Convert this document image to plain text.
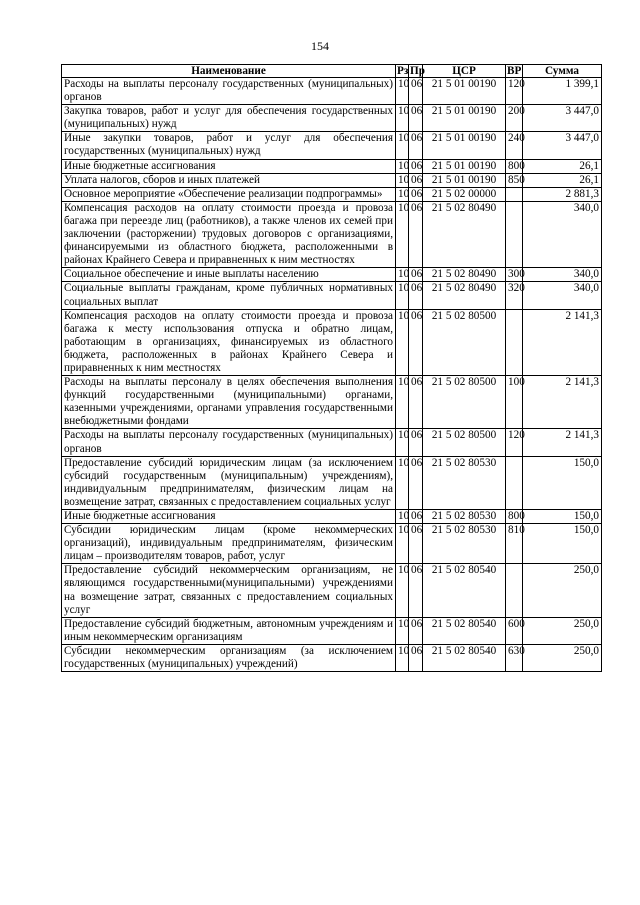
154
Наименование	Рз	Пр	ЦСР	ВР	Сумма
Расходы на выплаты персоналу государственных (муниципальных) органов	10	06	21 5 01 00190	120	1 399,1
Закупка товаров, работ и услуг для обеспечения государственных (муниципальных) нужд	10	06	21 5 01 00190	200	3 447,0
Иные закупки товаров, работ и услуг для обеспечения государственных (муниципальных) нужд	10	06	21 5 01 00190	240	3 447,0
Иные бюджетные ассигнования	10	06	21 5 01 00190	800	26,1
Уплата налогов, сборов и иных платежей	10	06	21 5 01 00190	850	26,1
Основное мероприятие «Обеспечение реализации подпрограммы»	10	06	21 5 02 00000		2 881,3
Компенсация расходов на оплату стоимости проезда и провоза багажа при переезде лиц (работников), а также членов их семей при заключении (расторжении) трудовых договоров с организациями, финансируемыми из областного бюджета, расположенными в районах Крайнего Севера и приравненных к ним местностях	10	06	21 5 02 80490		340,0
Социальное обеспечение и иные выплаты населению	10	06	21 5 02 80490	300	340,0
Социальные выплаты гражданам, кроме публичных нормативных социальных выплат	10	06	21 5 02 80490	320	340,0
Компенсация расходов на оплату стоимости проезда и провоза багажа к месту использования отпуска и обратно лицам, работающим в организациях, финансируемых из областного бюджета, расположенных в районах Крайнего Севера и приравненных к ним местностях	10	06	21 5 02 80500		2 141,3
Расходы на выплаты персоналу в целях обеспечения выполнения функций государственными (муниципальными) органами, казенными учреждениями, органами управления государственными внебюджетными фондами	10	06	21 5 02 80500	100	2 141,3
Расходы на выплаты персоналу государственных (муниципальных) органов	10	06	21 5 02 80500	120	2 141,3
Предоставление субсидий юридическим лицам (за исключением субсидий государственным (муниципальным) учреждениям), индивидуальным предпринимателям, физическим лицам на возмещение затрат, связанных с предоставлением социальных услуг	10	06	21 5 02 80530		150,0
Иные бюджетные ассигнования	10	06	21 5 02 80530	800	150,0
Субсидии юридическим лицам (кроме некоммерческих организаций), индивидуальным предпринимателям, физическим лицам – производителям товаров, работ, услуг	10	06	21 5 02 80530	810	150,0
Предоставление субсидий некоммерческим организациям, не являющимся государственными(муниципальными) учреждениями на возмещение затрат, связанных с предоставлением социальных услуг	10	06	21 5 02 80540		250,0
Предоставление субсидий бюджетным, автономным учреждениям и иным некоммерческим организациям	10	06	21 5 02 80540	600	250,0
Субсидии некоммерческим организациям (за исключением государственных (муниципальных) учреждений)	10	06	21 5 02 80540	630	250,0
